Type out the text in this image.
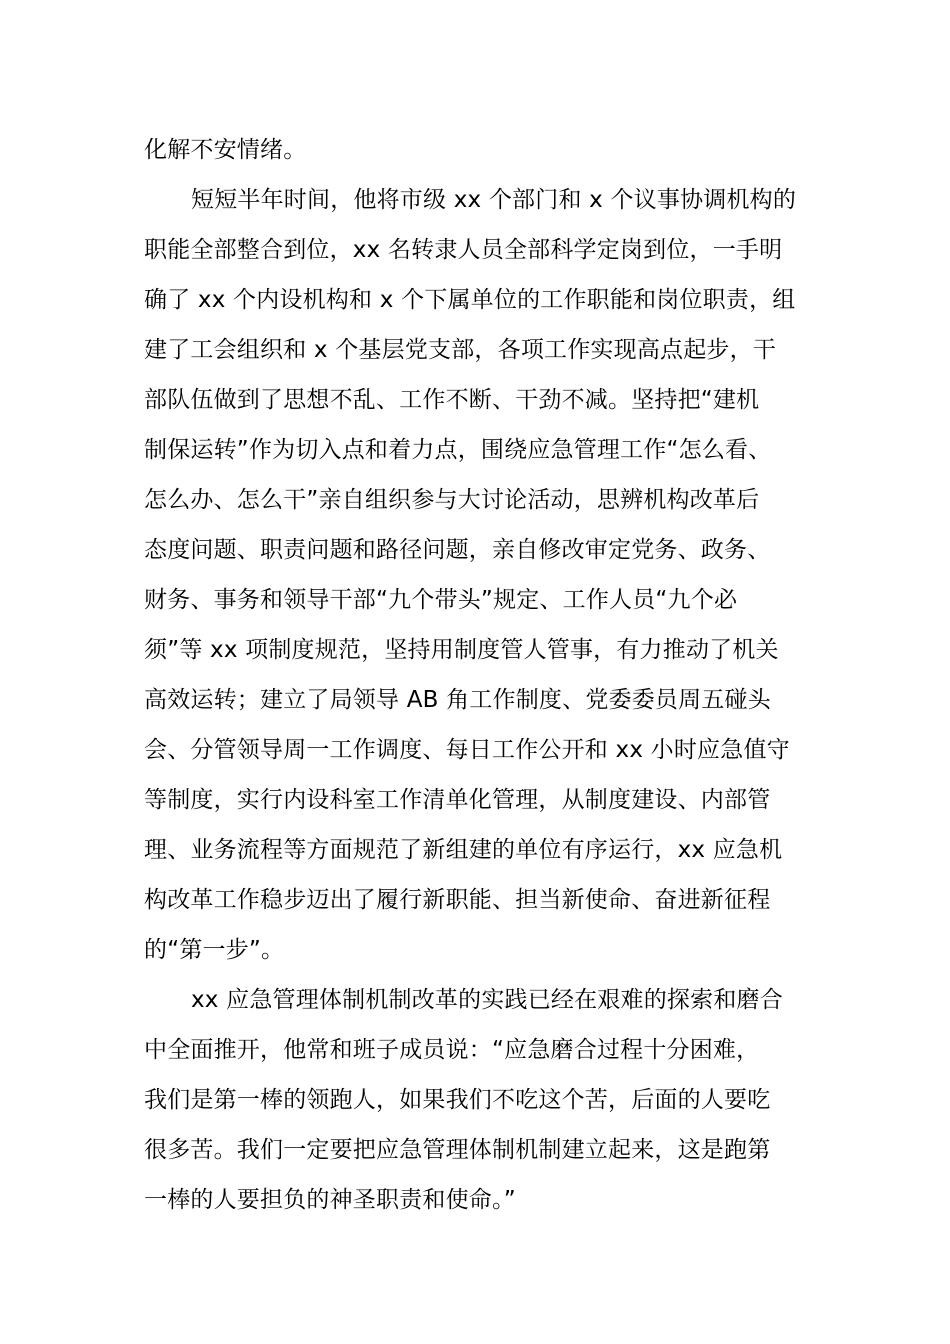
化解不安情绪。
短短半年时间，他将市级 xx 个部门和 x 个议事协调机构的
职能全部整合到位，xx 名转隶人员全部科学定岗到位，一手明
确了 xx 个内设机构和 x 个下属单位的工作职能和岗位职责，组
建了工会组织和 x 个基层党支部，各项工作实现高点起步，干
部队伍做到了思想不乱、工作不断、干劲不减。坚持把“建机
制保运转”作为切入点和着力点，围绕应急管理工作“怎么看、
怎么办、怎么干”亲自组织参与大讨论活动，思辨机构改革后
态度问题、职责问题和路径问题，亲自修改审定党务、政务、
财务、事务和领导干部“九个带头”规定、工作人员“九个必
须”等 xx 项制度规范，坚持用制度管人管事，有力推动了机关
高效运转；建立了局领导 AB 角工作制度、党委委员周五碰头
会、分管领导周一工作调度、每日工作公开和 xx 小时应急值守
等制度，实行内设科室工作清单化管理，从制度建设、内部管
理、业务流程等方面规范了新组建的单位有序运行，xx 应急机
构改革工作稳步迈出了履行新职能、担当新使命、奋进新征程
的“第一步”。
xx 应急管理体制机制改革的实践已经在艰难的探索和磨合
中全面推开，他常和班子成员说：“应急磨合过程十分困难，
我们是第一棒的领跑人，如果我们不吃这个苦，后面的人要吃
很多苦。我们一定要把应急管理体制机制建立起来，这是跑第
一棒的人要担负的神圣职责和使命。”
